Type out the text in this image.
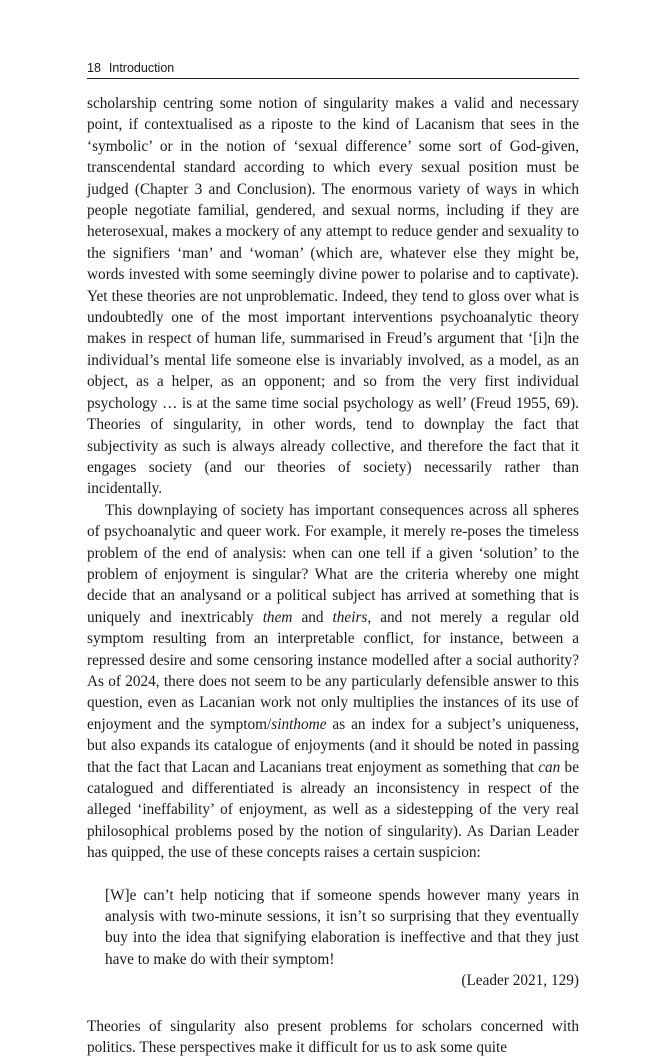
18 Introduction

scholarship centring some notion of singularity makes a valid and necessary point, if contextualised as a riposte to the kind of Lacanism that sees in the ‘symbolic’ or in the notion of ‘sexual difference’ some sort of God-given, transcendental standard according to which every sexual position must be judged (Chapter 3 and Conclusion). The enormous variety of ways in which people negotiate familial, gendered, and sexual norms, including if they are heterosexual, makes a mockery of any attempt to reduce gender and sexuality to the signifiers ‘man’ and ‘woman’ (which are, whatever else they might be, words invested with some seemingly divine power to polarise and to captivate). Yet these theories are not unproblematic. Indeed, they tend to gloss over what is undoubtedly one of the most important interventions psychoanalytic theory makes in respect of human life, summarised in Freud’s argument that ‘[i]n the individual’s mental life someone else is invariably involved, as a model, as an object, as a helper, as an opponent; and so from the very first individual psychology … is at the same time social psychology as well’ (Freud 1955, 69). Theories of singularity, in other words, tend to downplay the fact that subjectivity as such is always already collective, and therefore the fact that it engages society (and our theories of society) necessarily rather than incidentally.

This downplaying of society has important consequences across all spheres of psychoanalytic and queer work. For example, it merely re-poses the timeless problem of the end of analysis: when can one tell if a given ‘solution’ to the problem of enjoyment is singular? What are the criteria whereby one might decide that an analysand or a political subject has arrived at something that is uniquely and inextricably them and theirs, and not merely a regular old symptom resulting from an interpretable conflict, for instance, between a repressed desire and some censoring instance modelled after a social authority? As of 2024, there does not seem to be any particularly defensible answer to this question, even as Lacanian work not only multiplies the instances of its use of enjoyment and the symptom/sinthome as an index for a subject’s uniqueness, but also expands its catalogue of enjoyments (and it should be noted in passing that the fact that Lacan and Lacanians treat enjoyment as something that can be catalogued and differentiated is already an inconsistency in respect of the alleged ‘ineffability’ of enjoyment, as well as a sidestepping of the very real philosophical problems posed by the notion of singularity). As Darian Leader has quipped, the use of these concepts raises a certain suspicion:

[W]e can’t help noticing that if someone spends however many years in analysis with two-minute sessions, it isn’t so surprising that they eventually buy into the idea that signifying elaboration is ineffective and that they just have to make do with their symptom!

(Leader 2021, 129)

Theories of singularity also present problems for scholars concerned with politics. These perspectives make it difficult for us to ask some quite
